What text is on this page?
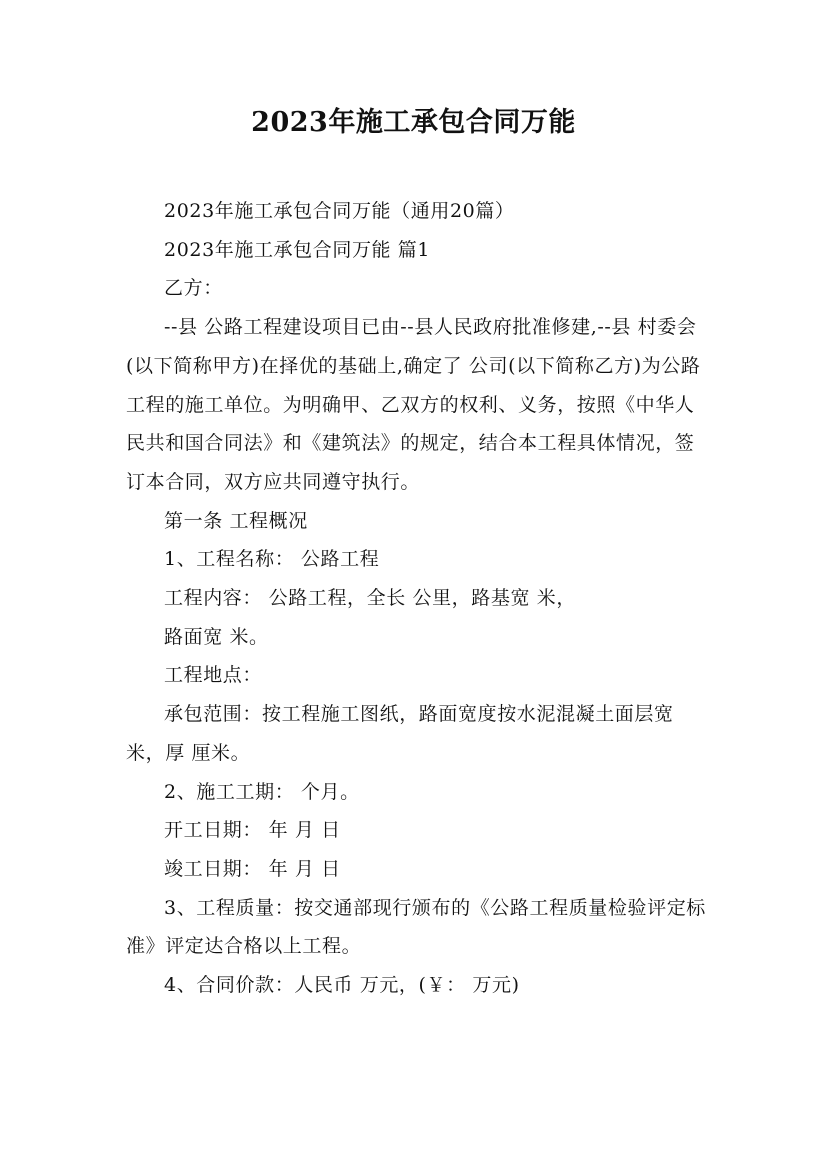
2023年施工承包合同万能

2023年施工承包合同万能（通用20篇）

2023年施工承包合同万能 篇1

乙方：

--县 公路工程建设项目已由--县人民政府批准修建,--县 村委会(以下简称甲方)在择优的基础上,确定了 公司(以下简称乙方)为公路工程的施工单位。为明确甲、乙双方的权利、义务，按照《中华人民共和国合同法》和《建筑法》的规定，结合本工程具体情况，签订本合同，双方应共同遵守执行。

第一条 工程概况

1、工程名称： 公路工程

工程内容： 公路工程，全长 公里，路基宽 米，

路面宽 米。

工程地点：

承包范围：按工程施工图纸，路面宽度按水泥混凝土面层宽 米，厚 厘米。

2、施工工期： 个月。

开工日期： 年 月 日

竣工日期： 年 月 日

3、工程质量：按交通部现行颁布的《公路工程质量检验评定标准》评定达合格以上工程。

4、合同价款：人民币 万元，(￥： 万元)
